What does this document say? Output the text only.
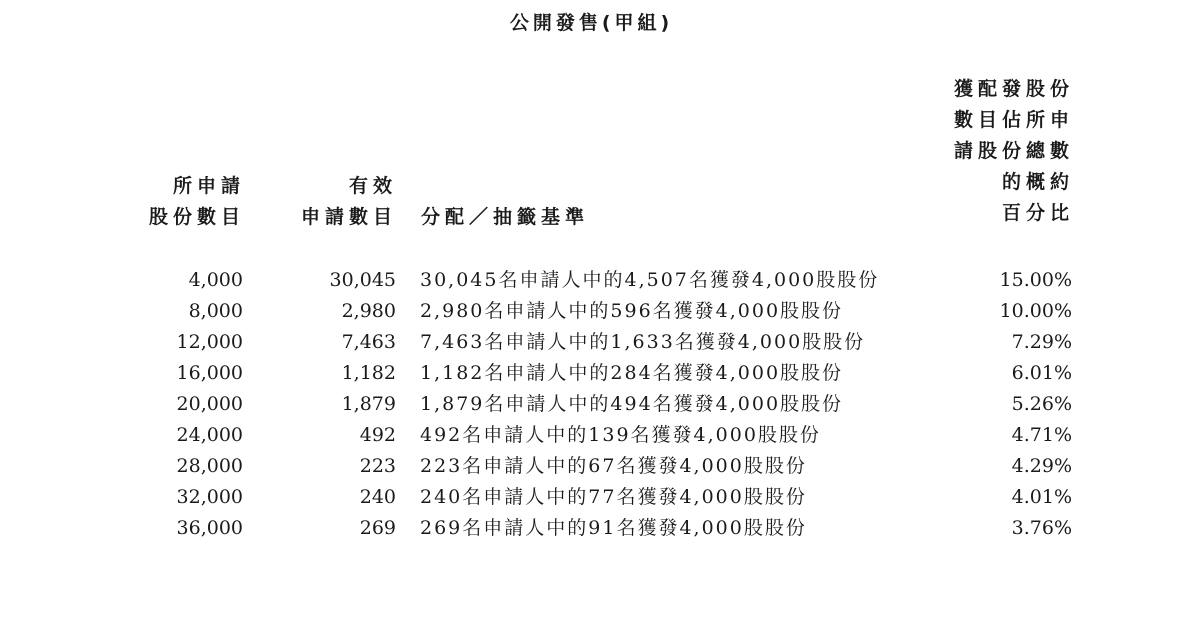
公開發售(甲組)
所申請
股份數目
有效
申請數目 分配／抽籤基準
獲配發股份
數目佔所申
請股份總數
的概約
百分比
4,000	30,045 30,045名申請人中的4,507名獲發4,000股股份	15.00%
8,000	2,980 2,980名申請人中的596名獲發4,000股股份	10.00%
12,000	7,463 7,463名申請人中的1,633名獲發4,000股股份	7.29%
16,000	1,182 1,182名申請人中的284名獲發4,000股股份	6.01%
20,000	1,879 1,879名申請人中的494名獲發4,000股股份	5.26%
24,000	492 492名申請人中的139名獲發4,000股股份	4.71%
28,000	223 223名申請人中的67名獲發4,000股股份	4.29%
32,000	240 240名申請人中的77名獲發4,000股股份	4.01%
36,000	269 269名申請人中的91名獲發4,000股股份	3.76%
